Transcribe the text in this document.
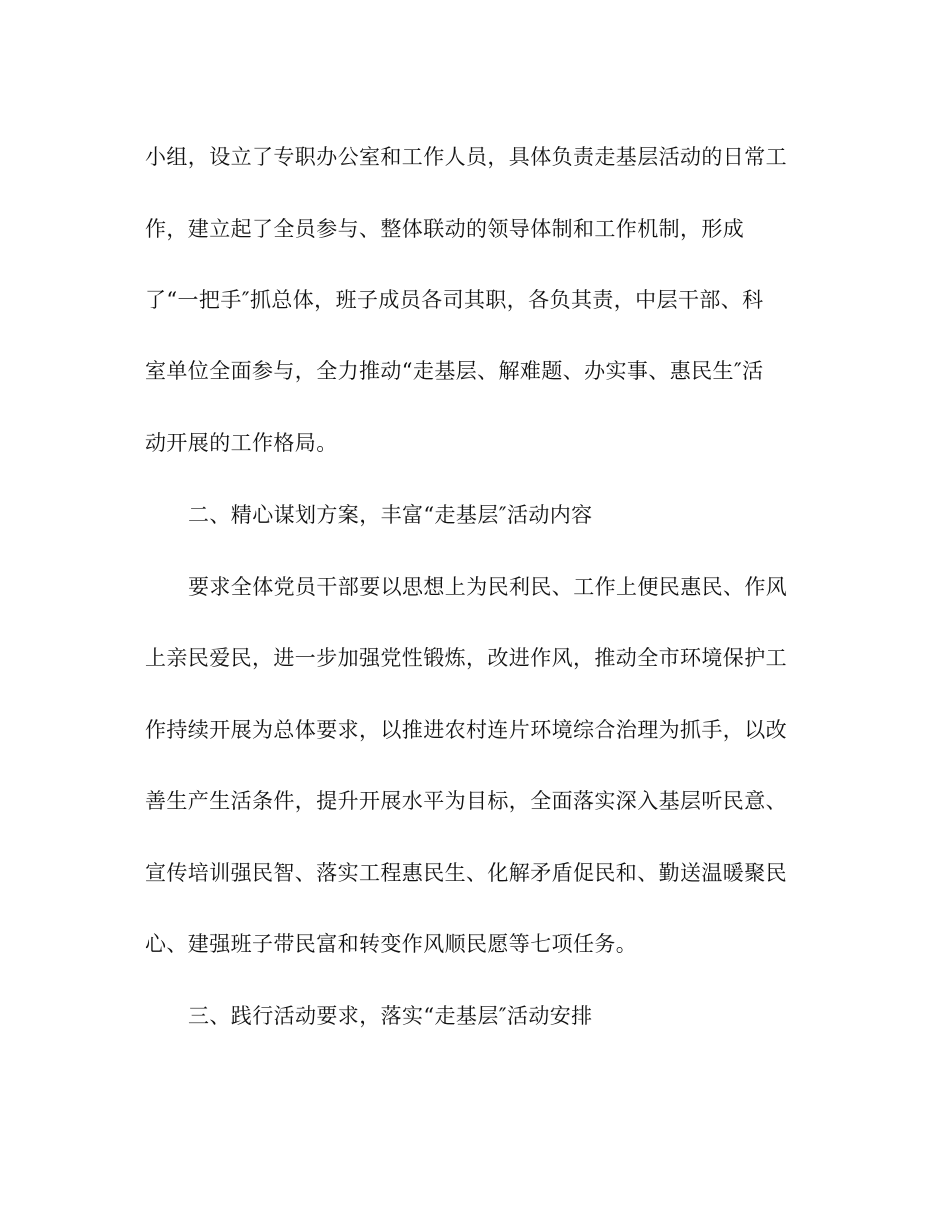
小组，设立了专职办公室和工作人员，具体负责走基层活动的日常工
作，建立起了全员参与、整体联动的领导体制和工作机制，形成
了“一把手″抓总体，班子成员各司其职，各负其责，中层干部、科
室单位全面参与，全力推动“走基层、解难题、办实事、惠民生″活
动开展的工作格局。
二、精心谋划方案，丰富“走基层″活动内容
要求全体党员干部要以思想上为民利民、工作上便民惠民、作风
上亲民爱民，进一步加强党性锻炼，改进作风，推动全市环境保护工
作持续开展为总体要求，以推进农村连片环境综合治理为抓手，以改
善生产生活条件，提升开展水平为目标，全面落实深入基层听民意、
宣传培训强民智、落实工程惠民生、化解矛盾促民和、勤送温暖聚民
心、建强班子带民富和转变作风顺民愿等七项任务。
三、践行活动要求，落实“走基层″活动安排
